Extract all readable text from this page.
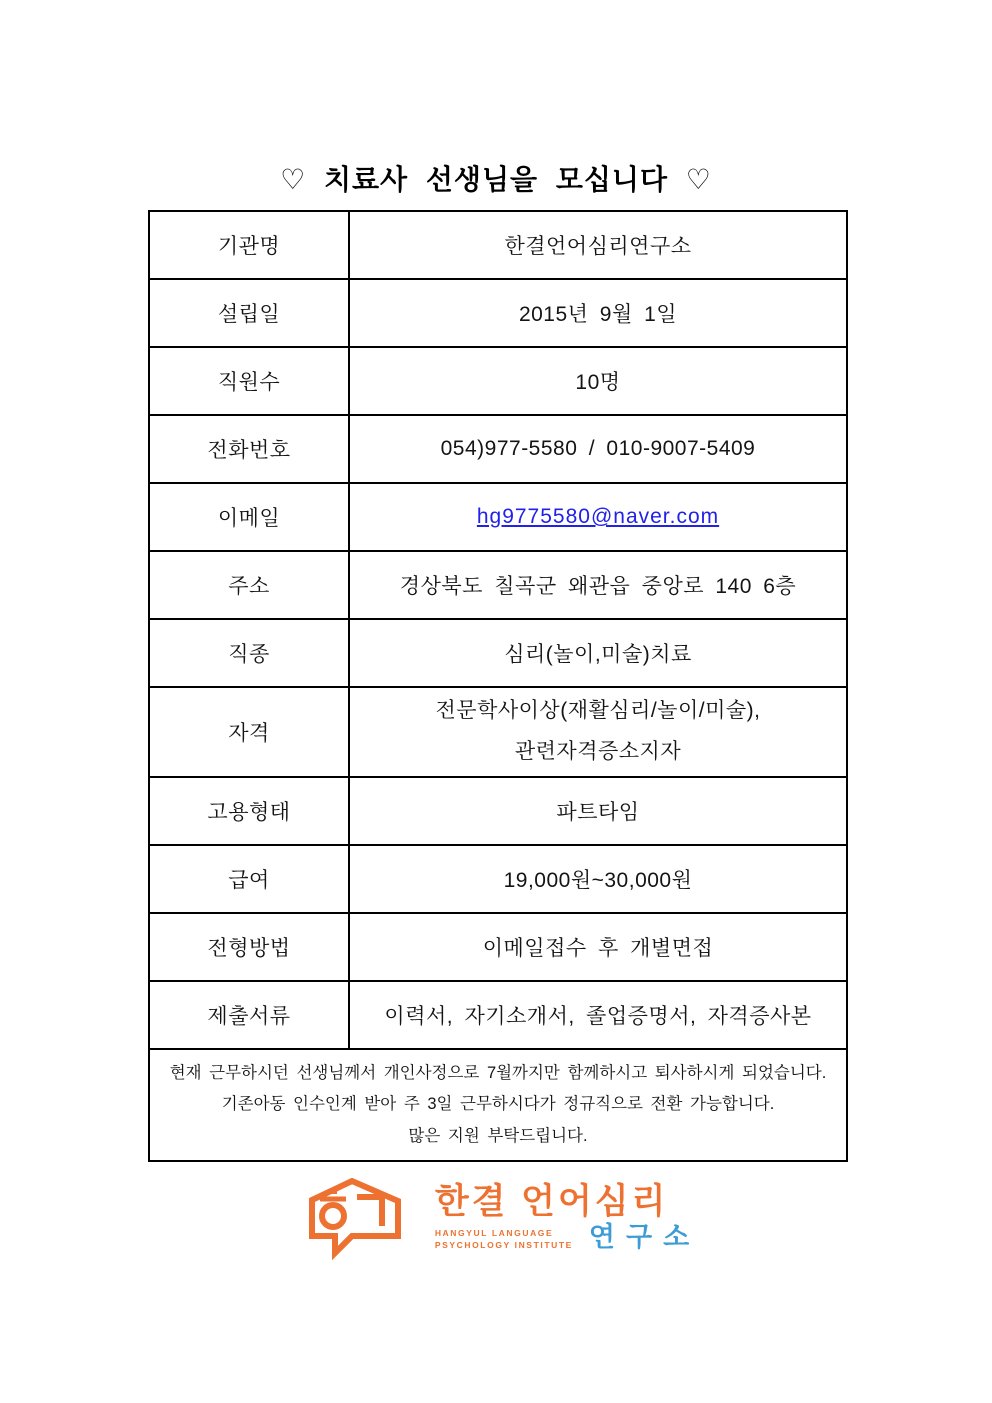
♡ 치료사 선생님을 모십니다 ♡
기관명	한결언어심리연구소
설립일	2015년 9월 1일
직원수	10명
전화번호	054)977-5580 / 010-9007-5409
이메일	hg9775580@naver.com
주소	경상북도 칠곡군 왜관읍 중앙로 140 6층
직종	심리(놀이,미술)치료
자격	전문학사이상(재활심리/놀이/미술),
관련자격증소지자

고용형태	파트타임
급여	19,000원~30,000원
전형방법	이메일접수 후 개별면접
제출서류	이력서, 자기소개서, 졸업증명서, 자격증사본

현재 근무하시던 선생님께서 개인사정으로 7월까지만 함께하시고 퇴사하시게 되었습니다.
기존아동 인수인계 받아 주 3일 근무하시다가 정규직으로 전환 가능합니다.
많은 지원 부탁드립니다.	
한결 언어심리
HANGYUL LANGUAGE
PSYCHOLOGY INSTITUTE 연구소
